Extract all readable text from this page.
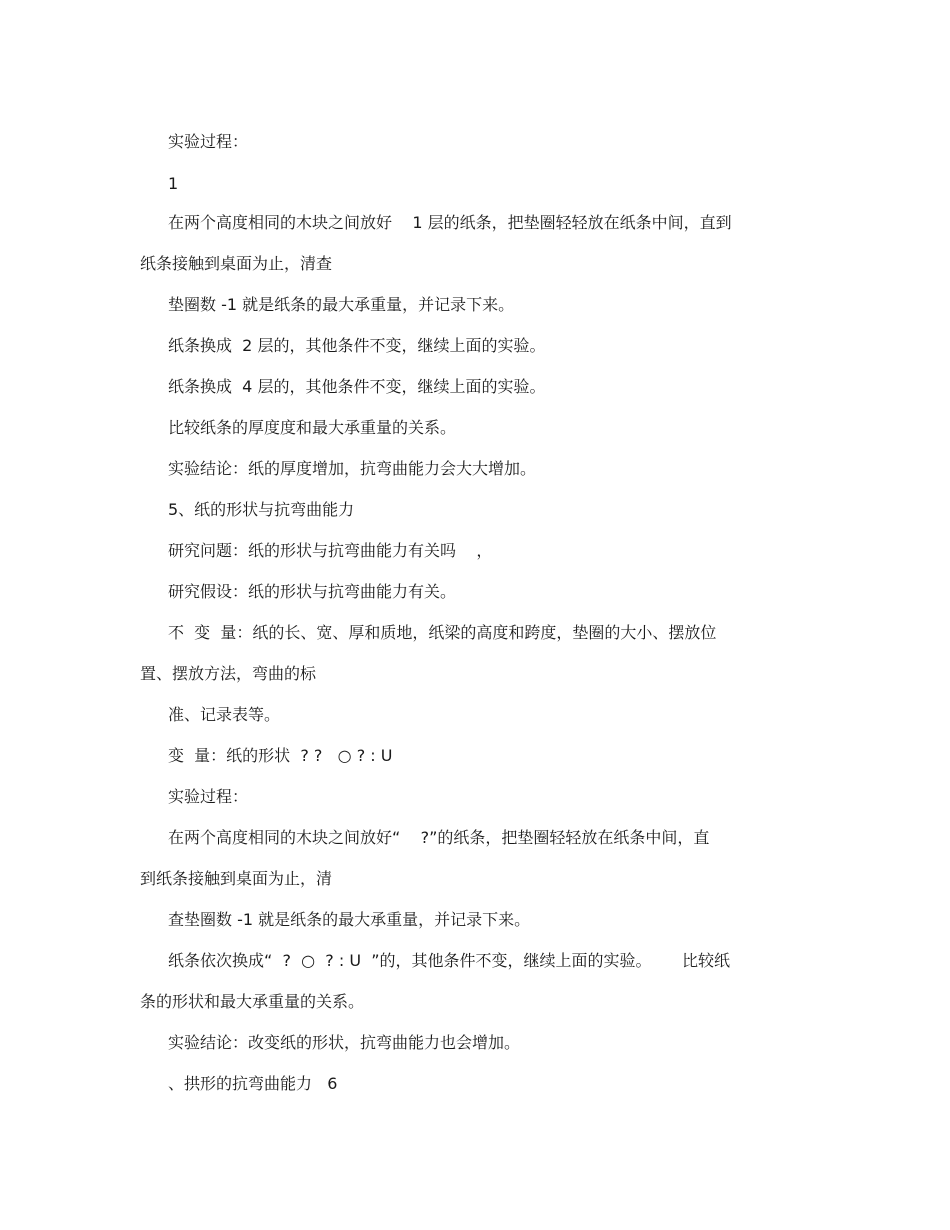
实验过程：

1

在两个高度相同的木块之间放好    1 层的纸条，把垫圈轻轻放在纸条中间，直到

纸条接触到桌面为止，清查

垫圈数 -1 就是纸条的最大承重量，并记录下来。

纸条换成  2 层的，其他条件不变，继续上面的实验。

纸条换成  4 层的，其他条件不变，继续上面的实验。

比较纸条的厚度度和最大承重量的关系。

实验结论：纸的厚度增加，抗弯曲能力会大大增加。

5、纸的形状与抗弯曲能力

研究问题：纸的形状与抗弯曲能力有关吗    ，

研究假设：纸的形状与抗弯曲能力有关。

不  变  量：纸的长、宽、厚和质地，纸梁的高度和跨度，垫圈的大小、摆放位

置、摆放方法，弯曲的标

准、记录表等。

变  量：纸的形状  ? ?   ○ ? : U

实验过程：

在两个高度相同的木块之间放好“    ?”的纸条，把垫圈轻轻放在纸条中间，直

到纸条接触到桌面为止，清

查垫圈数 -1 就是纸条的最大承重量，并记录下来。

纸条依次换成“  ?  ○  ? : U  ”的，其他条件不变，继续上面的实验。      比较纸

条的形状和最大承重量的关系。

实验结论：改变纸的形状，抗弯曲能力也会增加。

、拱形的抗弯曲能力   6
